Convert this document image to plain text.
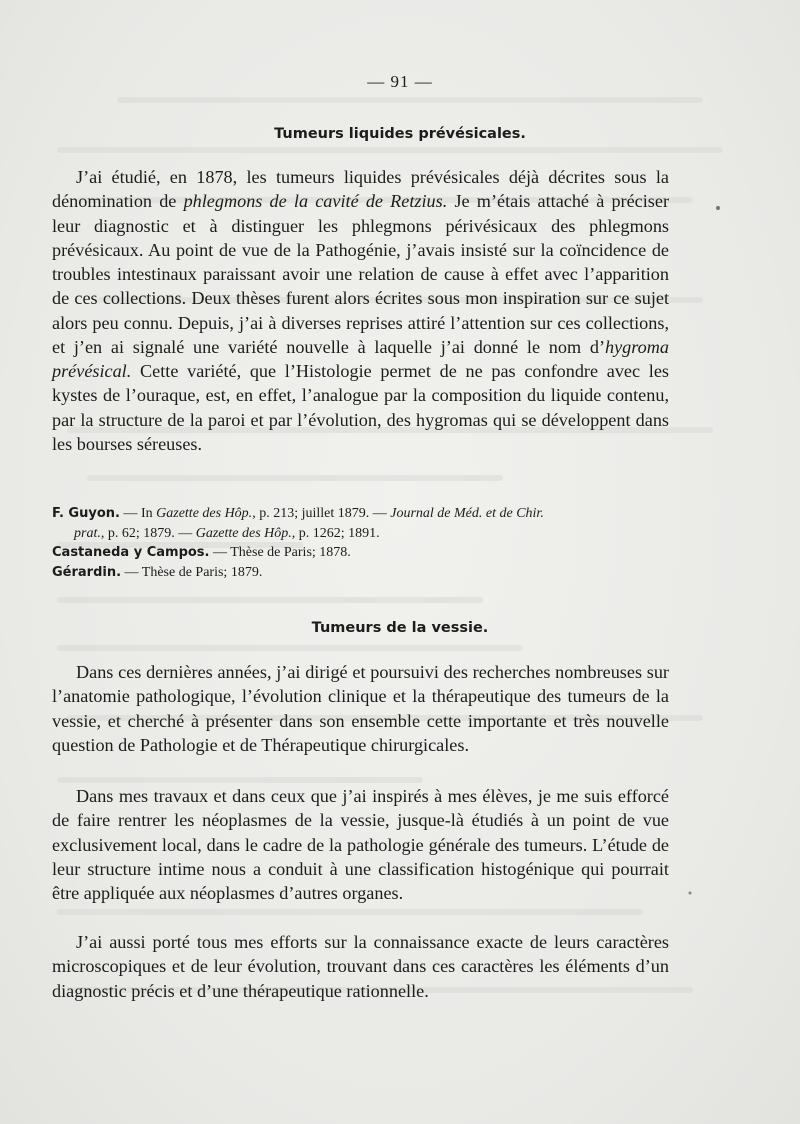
— 91 —
Tumeurs liquides prévésicales.

J’ai étudié, en 1878, les tumeurs liquides prévésicales déjà décrites sous la dénomination de phlegmons de la cavité de Retzius. Je m’étais attaché à préciser leur diagnostic et à distinguer les phlegmons périvésicaux des phlegmons prévésicaux. Au point de vue de la Pathogénie, j’avais insisté sur la coïncidence de troubles intestinaux paraissant avoir une relation de cause à effet avec l’apparition de ces collections. Deux thèses furent alors écrites sous mon inspiration sur ce sujet alors peu connu. Depuis, j’ai à diverses reprises attiré l’attention sur ces collections, et j’en ai signalé une variété nouvelle à laquelle j’ai donné le nom d’hygroma prévésical. Cette variété, que l’Histologie permet de ne pas confondre avec les kystes de l’ouraque, est, en effet, l’analogue par la composition du liquide contenu, par la structure de la paroi et par l’évolution, des hygromas qui se développent dans les bourses séreuses.

F. Guyon. — In Gazette des Hôp., p. 213; juillet 1879. — Journal de Méd. et de Chir.
prat., p. 62; 1879. — Gazette des Hôp., p. 1262; 1891.
Castaneda y Campos. — Thèse de Paris; 1878.
Gérardin. — Thèse de Paris; 1879.
Tumeurs de la vessie.

Dans ces dernières années, j’ai dirigé et poursuivi des recherches nombreuses sur l’anatomie pathologique, l’évolution clinique et la thérapeutique des tumeurs de la vessie, et cherché à présenter dans son ensemble cette importante et très nouvelle question de Pathologie et de Thérapeutique chirurgicales.

Dans mes travaux et dans ceux que j’ai inspirés à mes élèves, je me suis efforcé de faire rentrer les néoplasmes de la vessie, jusque-là étudiés à un point de vue exclusivement local, dans le cadre de la pathologie générale des tumeurs. L’étude de leur structure intime nous a conduit à une classification histogénique qui pourrait être appliquée aux néoplasmes d’autres organes.

J’ai aussi porté tous mes efforts sur la connaissance exacte de leurs caractères microscopiques et de leur évolution, trouvant dans ces caractères les éléments d’un diagnostic précis et d’une thérapeutique rationnelle.
